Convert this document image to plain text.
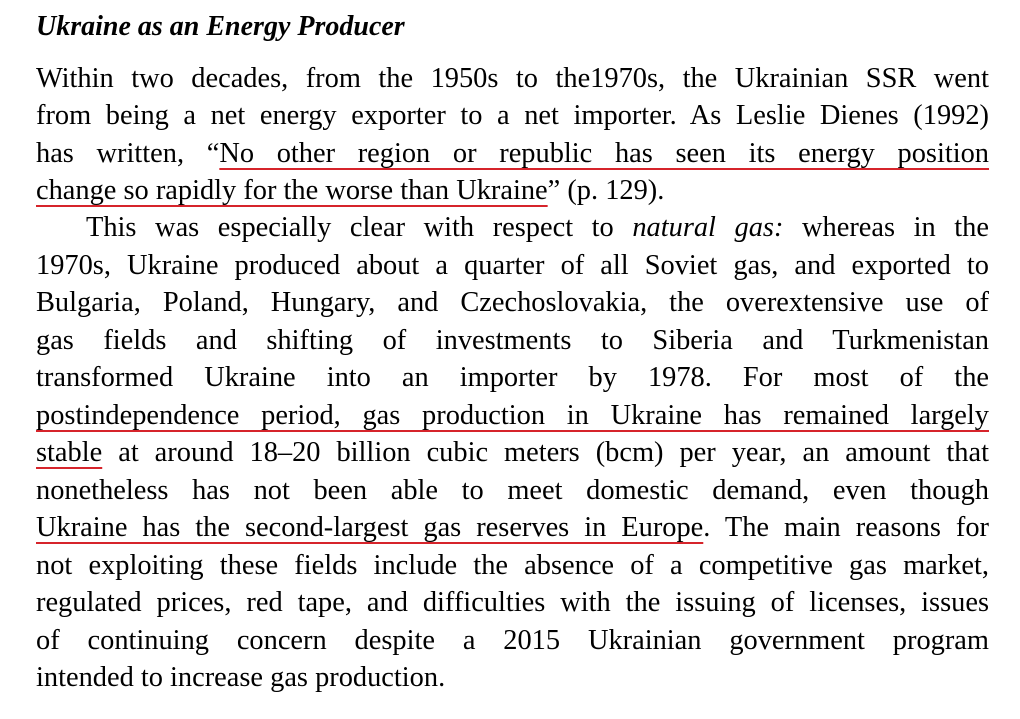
Ukraine as an Energy Producer
Within two decades, from the 1950s to the1970s, the Ukrainian SSR went
from being a net energy exporter to a net importer. As Leslie Dienes (1992)
has written, “No other region or republic has seen its energy position
change so rapidly for the worse than Ukraine” (p. 129).
This was especially clear with respect to natural gas: whereas in the
1970s, Ukraine produced about a quarter of all Soviet gas, and exported to
Bulgaria, Poland, Hungary, and Czechoslovakia, the overextensive use of
gas fields and shifting of investments to Siberia and Turkmenistan
transformed Ukraine into an importer by 1978. For most of the
postindependence period, gas production in Ukraine has remained largely
stable at around 18–20 billion cubic meters (bcm) per year, an amount that
nonetheless has not been able to meet domestic demand, even though
Ukraine has the second-largest gas reserves in Europe. The main reasons for
not exploiting these fields include the absence of a competitive gas market,
regulated prices, red tape, and difficulties with the issuing of licenses, issues
of continuing concern despite a 2015 Ukrainian government program
intended to increase gas production.
